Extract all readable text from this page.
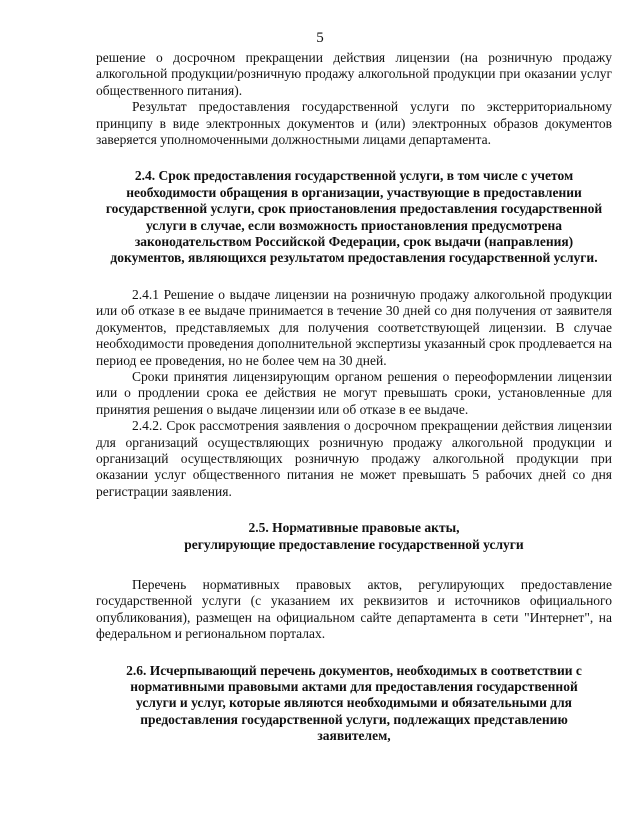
5

решение о досрочном прекращении действия лицензии (на розничную продажу алкогольной продукции/розничную продажу алкогольной продукции при оказании услуг общественного питания).

Результат предоставления государственной услуги по экстерриториальному принципу в виде электронных документов и (или) электронных образов документов заверяется уполномоченными должностными лицами департамента.

2.4. Срок предоставления государственной услуги, в том числе с учетом необходимости обращения в организации, участвующие в предоставлении государственной услуги, срок приостановления предоставления государственной услуги в случае, если возможность приостановления предусмотрена законодательством Российской Федерации, срок выдачи (направления) документов, являющихся результатом предоставления государственной услуги.

2.4.1 Решение о выдаче лицензии на розничную продажу алкогольной продукции или об отказе в ее выдаче принимается в течение 30 дней со дня получения от заявителя документов, представляемых для получения соответствующей лицензии. В случае необходимости проведения дополнительной экспертизы указанный срок продлевается на период ее проведения, но не более чем на 30 дней.

Сроки принятия лицензирующим органом решения о переоформлении лицензии или о продлении срока ее действия не могут превышать сроки, установленные для принятия решения о выдаче лицензии или об отказе в ее выдаче.

2.4.2. Срок рассмотрения заявления о досрочном прекращении действия лицензии для организаций осуществляющих розничную продажу алкогольной продукции и организаций осуществляющих розничную продажу алкогольной продукции при оказании услуг общественного питания не может превышать 5 рабочих дней со дня регистрации заявления.

2.5. Нормативные правовые акты,

регулирующие предоставление государственной услуги

Перечень нормативных правовых актов, регулирующих предоставление государственной услуги (с указанием их реквизитов и источников официального опубликования), размещен на официальном сайте департамента в сети "Интернет", на федеральном и региональном порталах.

2.6. Исчерпывающий перечень документов, необходимых в соответствии с нормативными правовыми актами для предоставления государственной услуги и услуг, которые являются необходимыми и обязательными для предоставления государственной услуги, подлежащих представлению заявителем,
